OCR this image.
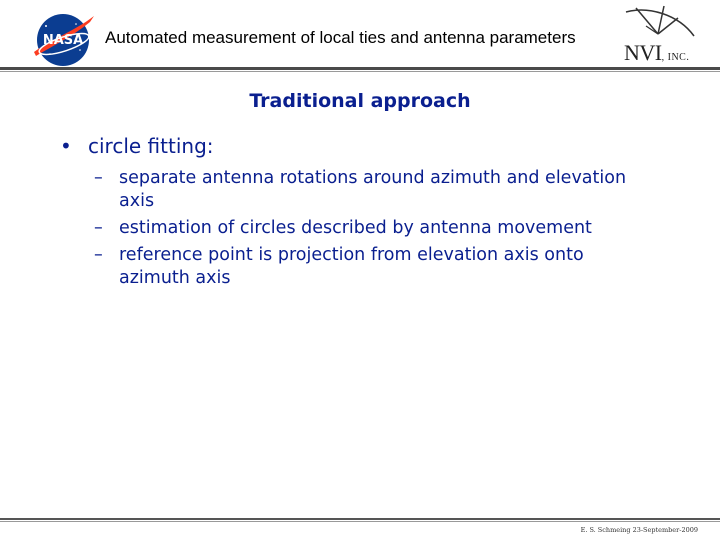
NASA Automated measurement of local ties and antenna parameters
NVI, INC.
Traditional approach
• circle fitting:
– separate antenna rotations around azimuth and elevation axis
– estimation of circles described by antenna movement
– reference point is projection from elevation axis onto azimuth axis
E. S. Schmeing 23-September-2009
